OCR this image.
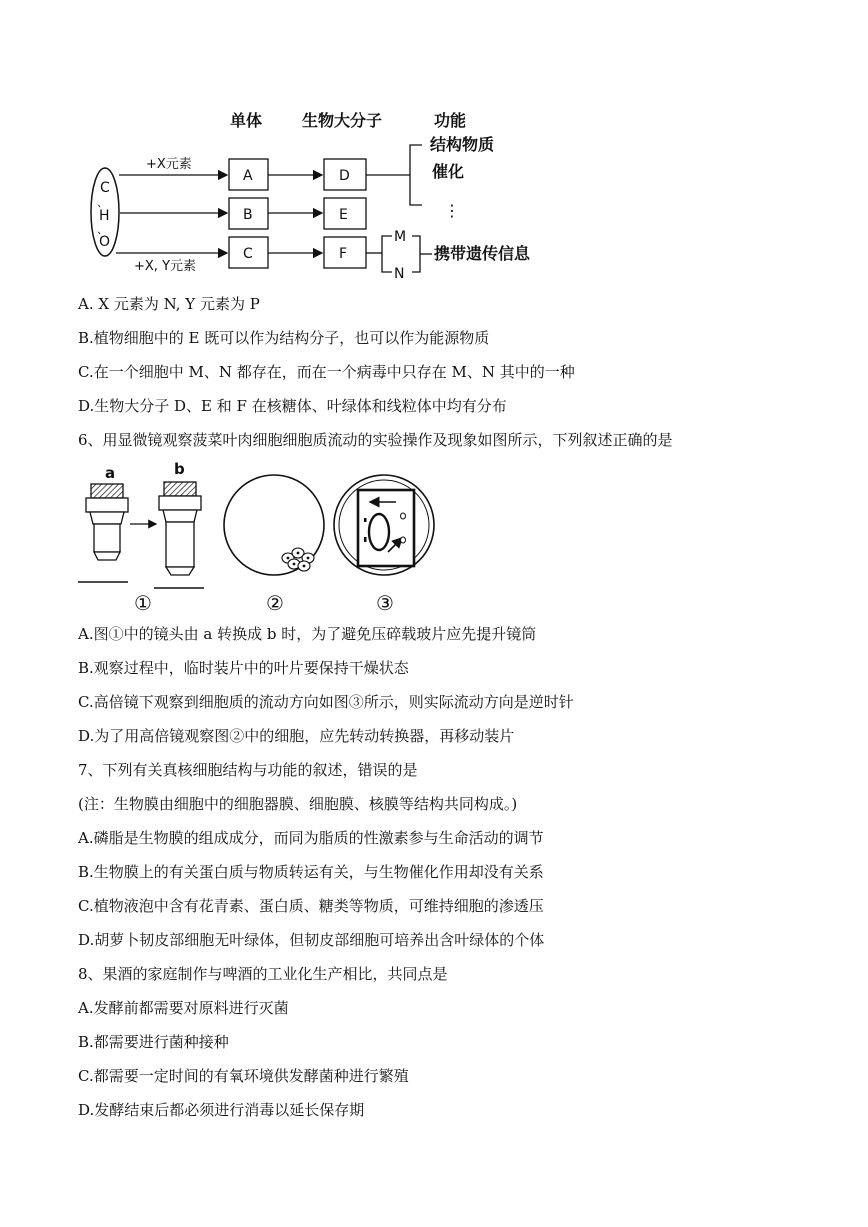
单体 生物大分子	功能
C
、
H
、
O
+X元素
+X, Y元素
A
B
C
D
E
F
结构物质
催化
⋮
M
N
携带遗传信息
A. X 元素为 N, Y 元素为 P
B.植物细胞中的 E 既可以作为结构分子，也可以作为能源物质
C.在一个细胞中 M、N 都存在，而在一个病毒中只存在 M、N 其中的一种
D.生物大分子 D、E 和 F 在核糖体、叶绿体和线粒体中均有分布
6、用显微镜观察菠菜叶肉细胞细胞质流动的实验操作及现象如图所示，下列叙述正确的是
a	b
①	②	③
A.图①中的镜头由 a 转换成 b 时，为了避免压碎载玻片应先提升镜筒
B.观察过程中，临时装片中的叶片要保持干燥状态
C.高倍镜下观察到细胞质的流动方向如图③所示，则实际流动方向是逆时针
D.为了用高倍镜观察图②中的细胞，应先转动转换器，再移动装片
7、下列有关真核细胞结构与功能的叙述，错误的是
(注：生物膜由细胞中的细胞器膜、细胞膜、核膜等结构共同构成。)
A.磷脂是生物膜的组成成分，而同为脂质的性激素参与生命活动的调节
B.生物膜上的有关蛋白质与物质转运有关，与生物催化作用却没有关系
C.植物液泡中含有花青素、蛋白质、糖类等物质，可维持细胞的渗透压
D.胡萝卜韧皮部细胞无叶绿体，但韧皮部细胞可培养出含叶绿体的个体
8、果酒的家庭制作与啤酒的工业化生产相比，共同点是
A.发酵前都需要对原料进行灭菌
B.都需要进行菌种接种
C.都需要一定时间的有氧环境供发酵菌种进行繁殖
D.发酵结束后都必须进行消毒以延长保存期
